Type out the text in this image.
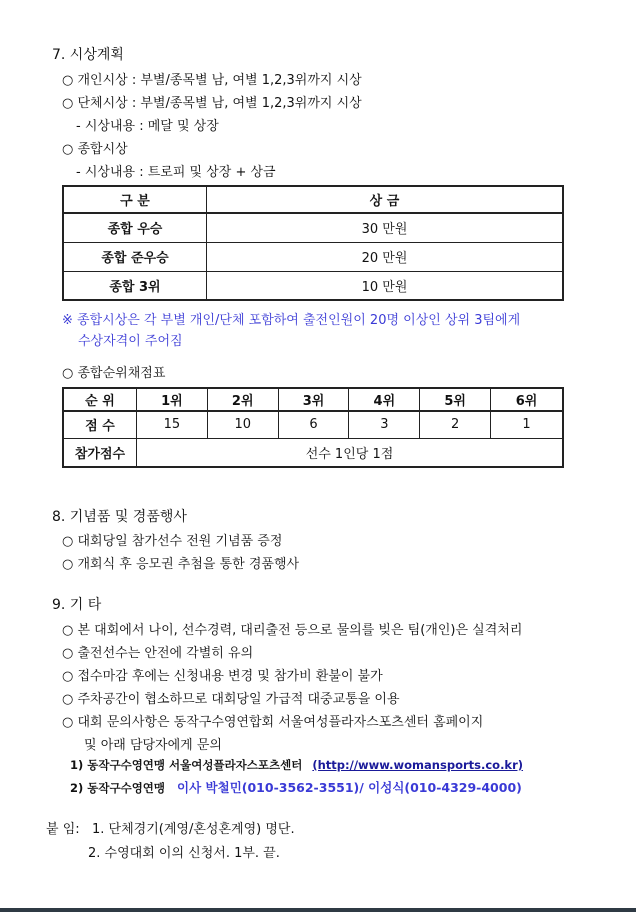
7. 시상계획
○ 개인시상 : 부별/종목별 남, 여별 1,2,3위까지 시상
○ 단체시상 : 부별/종목별 남, 여별 1,2,3위까지 시상
- 시상내용 : 메달 및 상장
○ 종합시상
- 시상내용 : 트로피 및 상장 + 상금
구 분	상 금
종합 우승	30 만원
종합 준우승	20 만원
종합 3위	10 만원
※ 종합시상은 각 부별 개인/단체 포함하여 출전인원이 20명 이상인 상위 3팀에게
수상자격이 주어짐
○ 종합순위채점표
순 위	1위	2위	3위	4위	5위	6위
점 수	15	10	6	3	2	1
참가점수	선수 1인당 1점					
8. 기념품 및 경품행사
○ 대회당일 참가선수 전원 기념품 증정
○ 개회식 후 응모권 추첨을 통한 경품행사
9. 기 타
○ 본 대회에서 나이, 선수경력, 대리출전 등으로 물의를 빚은 팀(개인)은 실격처리
○ 출전선수는 안전에 각별히 유의
○ 접수마감 후에는 신청내용 변경 및 참가비 환불이 불가
○ 주차공간이 협소하므로 대회당일 가급적 대중교통을 이용
○ 대회 문의사항은 동작구수영연합회 서울여성플라자스포츠센터 홈페이지
및 아래 담당자에게 문의
1) 동작구수영연맹 서울여성플라자스포츠센터 (http://www.womansports.co.kr)
2) 동작구수영연맹 이사 박철민(010-3562-3551)/ 이성식(010-4329-4000)
붙 임: 1. 단체경기(계영/혼성혼계영) 명단.
2. 수영대회 이의 신청서. 1부. 끝.
